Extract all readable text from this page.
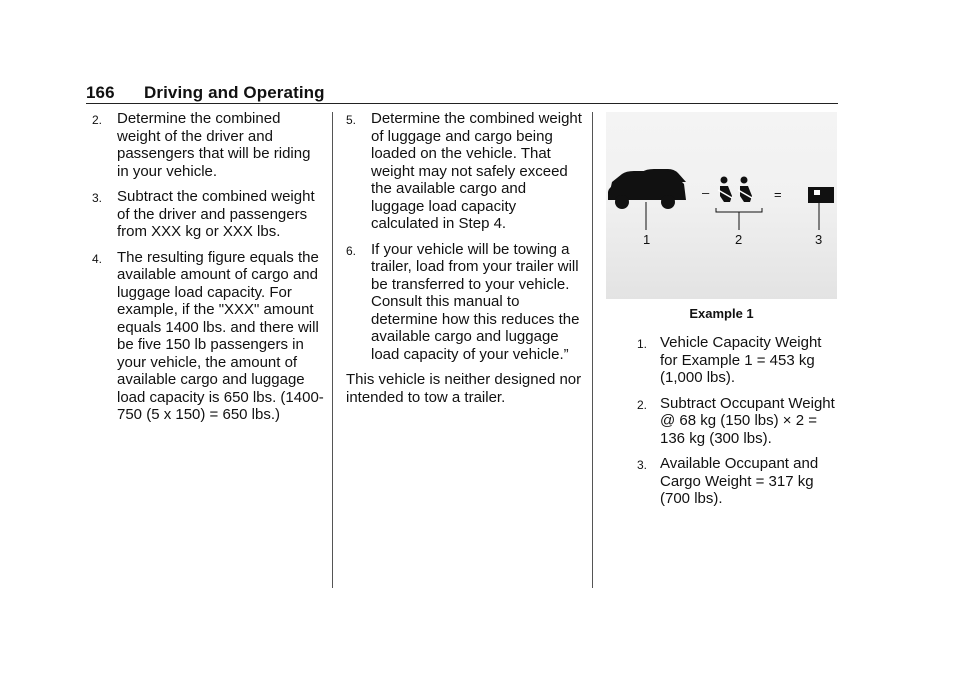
166 Driving and Operating
2. Determine the combined weight of the driver and passengers that will be riding in your vehicle.
3. Subtract the combined weight of the driver and passengers from XXX kg or XXX lbs.
4. The resulting figure equals the available amount of cargo and luggage load capacity. For example, if the "XXX" amount equals 1400 lbs. and there will be five 150 lb passengers in your vehicle, the amount of available cargo and luggage load capacity is 650 lbs. (1400-750 (5 x 150) = 650 lbs.)
5. Determine the combined weight of luggage and cargo being loaded on the vehicle. That weight may not safely exceed the available cargo and luggage load capacity calculated in Step 4.
6. If your vehicle will be towing a trailer, load from your trailer will be transferred to your vehicle. Consult this manual to determine how this reduces the available cargo and luggage load capacity of your vehicle.”

This vehicle is neither designed nor intended to tow a trailer.

–	=
1	2	3
Example 1
1. Vehicle Capacity Weight for Example 1 = 453 kg (1,000 lbs).
2. Subtract Occupant Weight @ 68 kg (150 lbs) × 2 = 136 kg (300 lbs).
3. Available Occupant and Cargo Weight = 317 kg (700 lbs).
